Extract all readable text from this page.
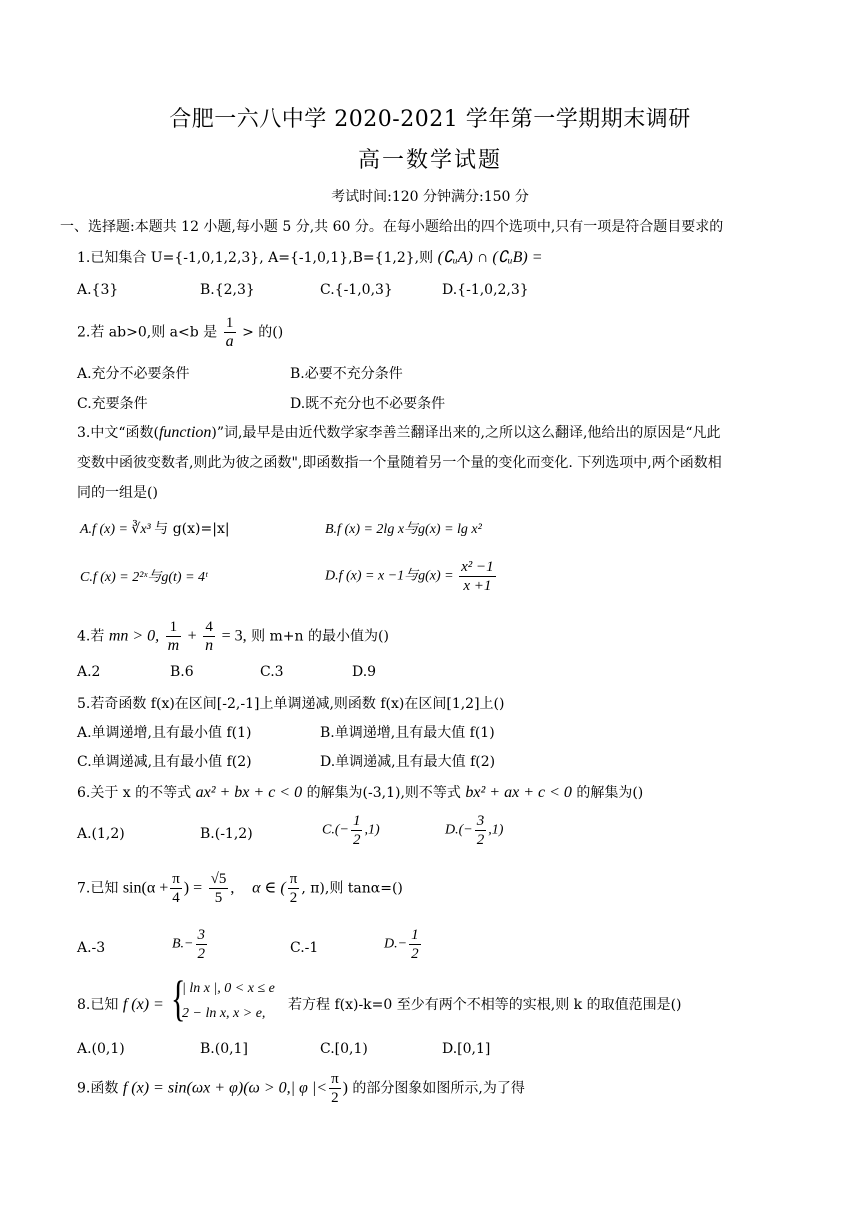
合肥一六八中学 2020-2021 学年第一学期期末调研
高一数学试题
考试时间:120 分钟满分:150 分
一、选择题:本题共 12 小题,每小题 5 分,共 60 分。在每小题给出的四个选项中,只有一项是符合题目要求的
1.已知集合 U={-1,0,1,2,3}, A={-1,0,1},B={1,2},则 (∁ᵤA) ∩ (∁ᵤB) =
A.{3}	B.{2,3}	C.{-1,0,3}	D.{-1,0,2,3}
2.若 ab>0,则 a<b 是 $\frac{1}{a}$ > 的()
A.充分不必要条件	B.必要不充分条件
C.充要条件	D.既不充分也不必要条件
3.中文“函数(function)”词,最早是由近代数学家李善兰翻译出来的,之所以这么翻译,他给出的原因是“凡此
变数中函彼变数者,则此为彼之函数",即函数指一个量随着另一个量的变化而变化. 下列选项中,两个函数相
同的一组是()
A.f (x) = ∛x³ 与 g(x)=|x|	B.f (x) = 2lg x与g(x) = lg x²
C.f (x) = 2²ˣ与g(t) = 4ᵗ	D.f (x) = x −1与$g(x) = \frac{\text{x² −1}}{x +1}$
4.若 mn > 0, $\frac{1}{m} + \frac{4}{n} = 3$, 则 m+n 的最小值为()
A.2	B.6	C.3	D.9
5.若奇函数 f(x)在区间[-2,-1]上单调递减,则函数 f(x)在区间[1,2]上()
A.单调递增,且有最小值 f(1)	B.单调递增,且有最大值 f(1)
C.单调递减,且有最小值 f(2)	D.单调递减,且有最大值 f(2)
6.关于 x 的不等式 ax² + bx + c < 0 的解集为(-3,1),则不等式 bx² + ax + c < 0 的解集为()
A.(1,2)	B.(-1,2)	$C.(- \frac{1}{2} ,1)$	$D.(- \frac{3}{2} ,1)$
7.已知 $\sin(\alpha + \frac{\pi}{4}$ ) = $\frac{√5}{5}$ , α ∈ ( $\frac{\pi}{2}$ , π),则 tanα=()
A.-3	$B.- \frac{3}{2}$	C.-1	$D.- \frac{1}{2}$
8.已知 f (x) = {
| ln x |, 0 < x ≤ e
2 − ln x, x > e,
若方程 f(x)-k=0 至少有两个不相等的实根,则 k 的取值范围是()
A.(0,1)	B.(0,1]	C.[0,1)	D.[0,1]
9.函数 f (x) = sin(ωx + φ)(ω > 0,| φ |< $\frac{\pi}{2}$ ) 的部分图象如图所示,为了得
